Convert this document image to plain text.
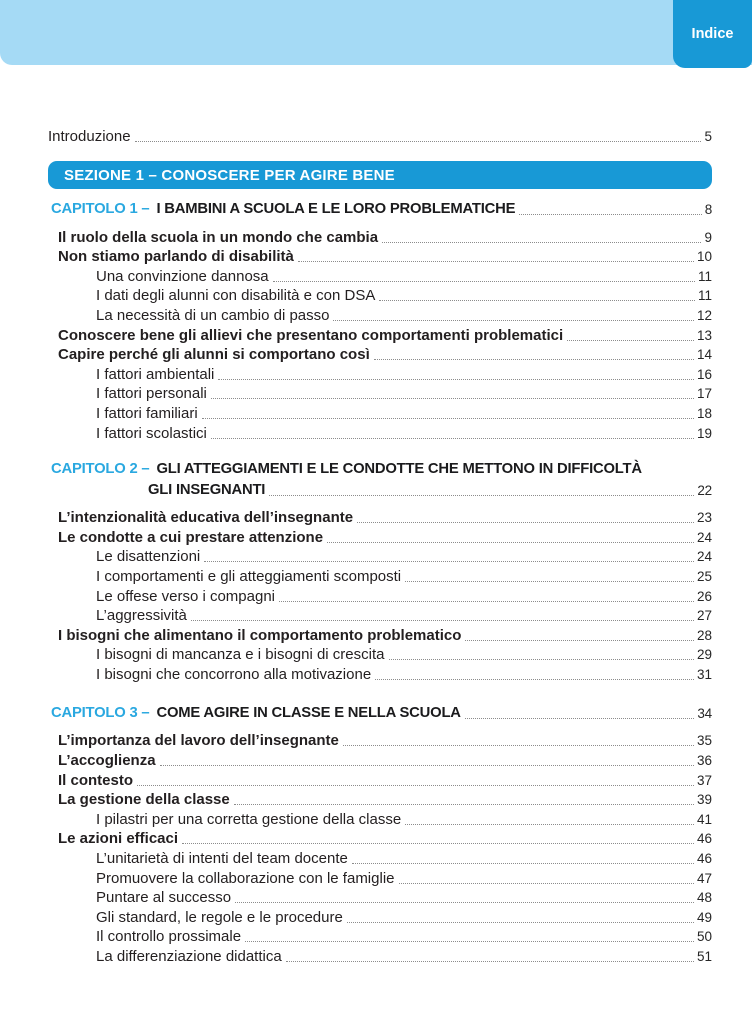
Indice
Introduzione	5
SEZIONE 1 – CONOSCERE PER AGIRE BENE
CAPITOLO 1 – I BAMBINI A SCUOLA E LE LORO PROBLEMATICHE	8
Il ruolo della scuola in un mondo che cambia	9
Non stiamo parlando di disabilità	10
Una convinzione dannosa	11
I dati degli alunni con disabilità e con DSA	11
La necessità di un cambio di passo	12
Conoscere bene gli allievi che presentano comportamenti problematici	13
Capire perché gli alunni si comportano così	14
I fattori ambientali	16
I fattori personali	17
I fattori familiari	18
I fattori scolastici	19
CAPITOLO 2 – GLI ATTEGGIAMENTI E LE CONDOTTE CHE METTONO IN DIFFICOLTÀ
GLI INSEGNANTI	22
L’intenzionalità educativa dell’insegnante	23
Le condotte a cui prestare attenzione	24
Le disattenzioni	24
I comportamenti e gli atteggiamenti scomposti	25
Le offese verso i compagni	26
L’aggressività	27
I bisogni che alimentano il comportamento problematico	28
I bisogni di mancanza e i bisogni di crescita	29
I bisogni che concorrono alla motivazione	31
CAPITOLO 3 – COME AGIRE IN CLASSE E NELLA SCUOLA	34
L’importanza del lavoro dell’insegnante	35
L’accoglienza	36
Il contesto	37
La gestione della classe	39
I pilastri per una corretta gestione della classe	41
Le azioni efficaci	46
L’unitarietà di intenti del team docente	46
Promuovere la collaborazione con le famiglie	47
Puntare al successo	48
Gli standard, le regole e le procedure	49
Il controllo prossimale	50
La differenziazione didattica	51
